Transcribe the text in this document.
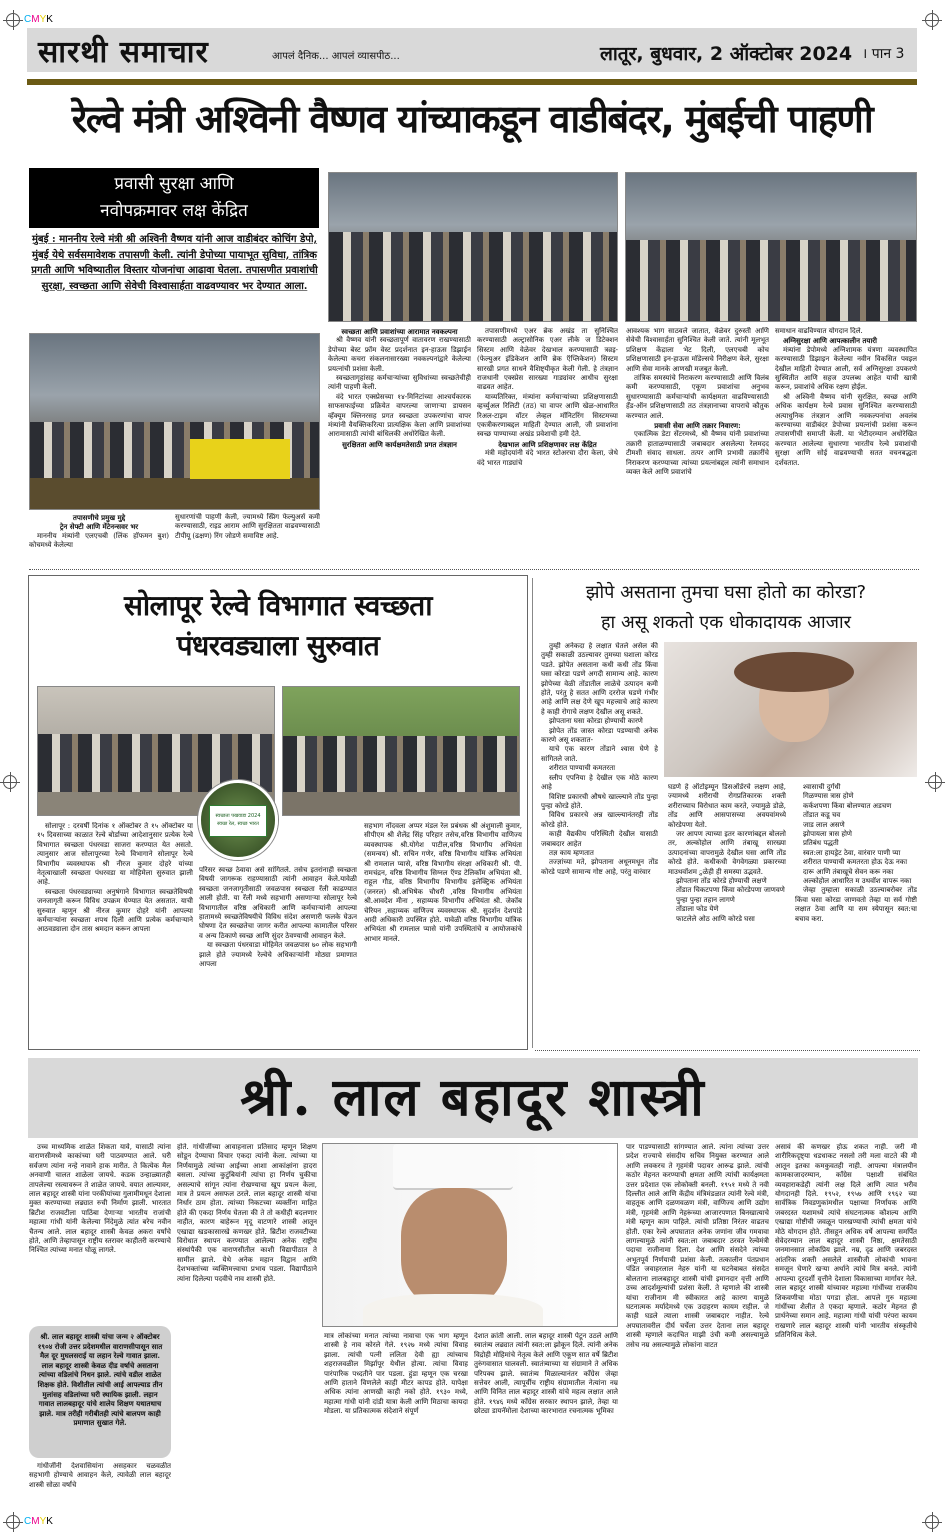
CMYK
CMYK
सारथी समाचार	आपलं दैनिक... आपलं व्यासपीठ...	लातूर, बुधवार, 2 ऑक्टोबर 2024 । पान 3
रेल्वे मंत्री अश्विनी वैष्णव यांच्याकडून वाडीबंदर, मुंबईची पाहणी
प्रवासी सुरक्षा आणि
नवोपक्रमावर लक्ष केंद्रित

मुंबई : माननीय रेल्वे मंत्री श्री अश्विनी वैष्णव यांनी आज वाडीबंदर कोचिंग डेपो, मुंबई येथे सर्वसमावेशक तपासणी केली. त्यांनी डेपोच्या पायाभूत सुविधा, तांत्रिक प्रगती आणि भविष्यातील विस्तार योजनांचा आढावा घेतला. तपासणीत प्रवाशांची सुरक्षा, स्वच्छता आणि सेवेची विश्वासार्हता वाढवण्यावर भर देण्यात आला.

तपासणीचे प्रमुख मुद्दे

ट्रेन सेफ्टी आणि मेंटेनन्सवर भर

माननीय मंत्र्यांनी एलएचबी (लिंक हॉफमन बुश) कोचमध्ये केलेल्या

सुधारणांची पाहणी केली, ज्यामध्ये स्प्रिंग फेल्युअर्स कमी करण्यासाठी, राइड आराम आणि सुरक्षितता वाढवण्यासाठी टीपीयू (ढक्षण) रिंग जोडणे समाविष्ट आहे.

स्वच्छता आणि प्रवाशांच्या आरामात नवकल्पना

श्री वैष्णव यांनी स्वच्छतापूर्ण वातावरण राखण्यासाठी डेपोच्या बेस्ट फ्रॉम वेस्ट प्रदर्शनात इन-हाऊस डिझाईन केलेल्या कचरा संकलनासारख्या नवकल्पनांद्वारे केलेल्या प्रयत्नांची प्रशंसा केली.

स्वच्छतागृहांसह कर्मचाऱ्यांच्या सुविधांच्या स्वच्छतेचीही त्यांनी पाहणी केली.

वंदे भारत एक्स्प्रेसच्या १४-मिनिटांच्या आश्चर्यकारक साफसफाईच्या प्रक्रियेत वापरल्या जाणाऱ्या डायसन व्हॅक्यूम क्लिनरसह प्रगत स्वच्छता उपकरणांचा वापर मंत्र्यांनी वैयक्तिकरित्या प्रात्यक्षिक केला आणि प्रवाशांच्या आरामासाठी त्यांची बांधिलकी अधोरेखित केली.

सुरक्षितता आणि कार्यक्षमतेसाठी प्रगत तंत्रज्ञान

तपासणीमध्ये एअर ब्रेक अखंड ता सुनिश्चित करण्यासाठी अल्ट्रासोनिक एअर लीके ज डिटेक्शन सिस्टम आणि वेळेवर देखभाल करण्यासाठी त्रव्रइ- (फेल्युअर इंडिकेशन आणि ब्रेक ऍप्लिकेशन) सिस्टम सारखी प्रगत साधने वैशिष्ट्यीकृत केली गेली. हे तंत्रज्ञान राजधानी एक्स्प्रेस सारख्या गाड्यांवर आधीच सुरक्षा वाढवत आहेत.

याव्यतिरिक्त, मंत्र्यांना कर्मचाऱ्यांच्या प्रशिक्षणासाठी व्हर्च्युअल रिलिटी (तठ) चा वापर आणि खेळ-आधारित रिअल-टाइम वॉटर लेव्हल मॉनिटरिंग सिस्टमच्या एकत्रीकरणाबद्दल माहिती देण्यात आली, जी प्रवाशांना स्वच्छ पाण्याच्या अखंड प्रवेशाची हमी देते.

देखभाल आणि प्रशिक्षणावर लक्ष केंद्रित

मंत्री महोदयांनी वंदे भारत स्टोअरचा दौरा केला, जेथे वंदे भारत गाड्यांचे

आवश्यक भाग साठवले जातात, वेळेवर दुरुस्ती आणि सेवेची विश्वासार्हता सुनिश्चित केली जाते. त्यांनी मूलभूत प्रशिक्षण केंद्राला भेट दिली, एलएचबी कोच प्रशिक्षणासाठी इन-हाऊस मॉडेल्सचे निरीक्षण केले, सुरक्षा आणि सेवा मानके आणखी मजबूत केली.

तांत्रिक समस्यांचे निराकरण करण्यासाठी आणि विलंब कमी करण्यासाठी, एकूण प्रवाशांचा अनुभव सुधारण्यासाठी कर्मचाऱ्यांची कार्यक्षमता वाढविण्यासाठी हँड-ऑन प्रशिक्षणासाठी तठ तंत्रज्ञानाच्या वापराचे कौतुक करण्यात आले.

प्रवासी सेवा आणि तक्रार निवारण:

एकात्मिक डेटा सेंटरमध्ये, श्री वैष्णव यांनी प्रवाशांच्या तक्रारी हाताळण्यासाठी जबाबदार असलेल्या रेलमदद टीमशी संवाद साधला. तत्पर आणि प्रभावी तक्रारींचे निराकरण करण्याच्या त्यांच्या प्रयत्नांबद्दल त्यांनी समाधान व्यक्त केले आणि प्रवाशांचे

समाधान वाढविण्यात योगदान दिले.

अग्निसुरक्षा आणि आपत्कालीन तयारी

मंत्र्यांना डेपोमध्ये अग्निशामक यंत्रणा व्यवस्थापित करण्यासाठी डिझाइन केलेल्या नवीन विकसित पवइल देखील माहिती देण्यात आली, सर्व अग्निसुरक्षा उपकरणे सुस्थितीत आणि सहज उपलब्ध आहेत याची खात्री करून, प्रवाशांचे अधिक रक्षण होईल.

श्री अश्विनी वैष्णव यांनी सुरक्षित, स्वच्छ आणि अधिक कार्यक्षम रेल्वे प्रवास सुनिश्चित करण्यासाठी अत्याधुनिक तंत्रज्ञान आणि नवकल्पनांचा अवलंब करण्याच्या वाडीबंदर डेपोच्या प्रयत्नांची प्रशंसा करून तपासणीची समाप्ती केली. या भेटीदरम्यान अधोरेखित करण्यात आलेल्या सुधारणा भारतीय रेल्वे प्रवाशांची सुरक्षा आणि सोई वाढवण्याची सतत वचनबद्धता दर्शवतात.

सोलापूर रेल्वे विभागात स्वच्छता
पंधरवड्याला सुरुवात
स्वच्छता पखवाडा 2024
स्वच्छ रेल, स्वच्छ भारत

सोलापूर : दरवर्षी दिनांक १ ऑक्टोबर ते १५ ऑक्टोबर या १५ दिवसाच्या काळात रेल्वे बोर्डाच्या आदेशानुसार प्रत्येक रेल्वे विभागात स्वच्छता पंधरवडा साजरा करण्यात येत असतो. त्यानुसार आज सोलापूरच्या रेल्वे विभागाने सोलापूर रेल्वे विभागीय व्यवस्थापक श्री नीरज कुमार दोहरे यांच्या नेतृत्वाखाली स्वच्छता पंधरवडा या मोहिमेला सुरुवात झाली आहे.

स्वच्छता पंधरवड्याच्या अनुषंगाने विभागात स्वच्छतेविषयी जनजागृती करून विविध उपक्रम घेण्यात येत असतात. याची सुरुवात म्हणून श्री नीरज कुमार दोहरे यांनी आपल्या कर्मचाऱ्यांना स्वच्छता शपथ दिली आणि प्रत्येक कर्मचाऱ्याने आठवड्याला दोन तास श्रमदान करून आपला

परिसर स्वच्छ ठेवावा असे सांगितले. तसेच इतरांनाही स्वच्छता विषयी जागरूक राहण्यासाठी त्यांनी आवाहन केले.यावेळी स्वच्छता जनजागृतीसाठी जवळपास स्वच्छता रॅली काढण्यात आली होती. या रॅली मध्ये सहभागी असणाऱ्या सोलापूर रेल्वे विभागातील वरिष्ठ अधिकारी आणि कर्मचाऱ्यांनी आपल्या हातामध्ये स्वच्छतेविषयीचे विविध संदेश असणारी फलके घेऊन घोषणा देत स्वच्छतेचा जागर करीत आपल्या कामातील परिसर व अन्य ठिकाणे स्वच्छ आणि सुंदर ठेवण्याची आवाहन केले.

या स्वच्छता पंधरवाडा मोहिमेत जवळपास ७० लोक सहभागी झाले होते ज्यामध्ये रेल्वेचे अधिकाऱ्यांनी मोठ्या प्रमाणात आपला

सहभाग नोंदवला अप्पर मंडल रेल प्रबंधक श्री अंशुमाली कुमार, सीपीएम श्री शैलेंद्र सिंह परिहार तसेच,वरिष्ठ विभागीय वाणिज्य व्यवस्थापक श्री.योगेश पाटील,वरिष्ठ विभागीय अभियंता (समन्वय) श्री. सचिन गणेर, वरिष्ठ विभागीय यांत्रिक अभियंता श्री रामलाल प्यासे, वरिष्ठ विभागीय संरक्षा अधिकारी श्री. पी. रामचंद्रन, वरिष्ठ विभागीय सिग्नल ऍण्ड टेलिकॉम अभियंता श्री. राहूल गौड, वरिष्ठ विभागीय विभागीय इलेक्ट्रिक अभियंता (जनरल) श्री.अभिषेक चौधरी ,वरिष्ठ विभागीय अभियंता श्री.आवदेश मीना , सहाय्यक विभागीय अभियंता श्री. जेकॉब चेरियन ,सहाय्यक वाणिज्य व्यवस्थापक श्री. सुदर्शन देशपांडे आदी अधिकारी उपस्थित होते. यावेळी वरिष्ठ विभागीय यांत्रिक अभियंता श्री रामलाल प्यासे यांनी उपस्थितांचे व आयोजकांचे आभार मानले.

झोपे असताना तुमचा घसा होतो का कोरडा?
हा असू शकतो एक धोकादायक आजार

तुम्ही अनेकदा हे लक्षात घेतले असेल की तुम्ही सकाळी उठल्यावर तुमच्या घशाला कोरड पडते. झोपेत असताना कधी कधी तोंड किंवा घसा कोरडा पडणे अगदी सामान्य आहे. कारण झोपेच्या वेळी तोंडातील लाळेचे उत्पादन कमी होते, परंतु हे सतत आणि दररोज घडणे गंभीर आहे आणि लक्ष देणे खूप महत्त्वाचे आहे कारण हे काही रोगाचे लक्षण देखील असू शकते.

झोपताना घसा कोरडा होण्याची कारणे

झोपेत तोंड जास्त कोरडा पडण्याची अनेक कारणे असू शकतात-

याचे एक कारण तोंडाने श्वास घेणे हे सांगितले जाते.

शरीरात पाण्याची कमतरता

स्लीप एपनिया हे देखील एक मोठे कारण आहे

विशिष्ट प्रकारची औषधे खाल्ल्याने तोंड पुन्हा पुन्हा कोरडे होते.

विविध प्रकारचे अन्न खाल्ल्यानंतरही तोंड कोरडे होते.

काही वैद्यकीय परिस्थिती देखील यासाठी जबाबदार आहेत

तज्ञ काय म्हणतात

तज्ज्ञांच्या मते, झोपताना अधूनमधून तोंड कोरडे पडणे सामान्य गोष्ट आहे, परंतु वारंवार

घडणे हे ऑटोइम्यून डिसऑर्डरचे लक्षण आहे, ज्यामध्ये शरीराची रोगप्रतिकारक शक्ती शरीराच्याच विरोधात काम करते, ज्यामुळे डोळे, तोंड आणि आसपासच्या अवयवांमध्ये कोरडेपणा येतो.

जर आपण त्याच्या इतर कारणांबद्दल बोललो तर, अल्कोहोल आणि तंबाखू सारख्या उत्पादनांच्या वापरामुळे देखील घसा आणि तोंड कोरडे होते. कधीकधी वेगवेगळ्या प्रकारच्या माउथवॉशम ुळेही ही समस्या उद्भवते.

झोपताना तोंड कोरडे होण्याची लक्षणे

तोंडात चिकटपणा किंवा कोरडेपणा जाणवणे

पुन्हा पुन्हा तहान लागणे

तोंडाला फोड येणे

फाटलेले ओठ आणि कोरडे घसा

श्वासाची दुर्गंधी

गिळण्यास त्रास होणे

कर्कशपणा किंवा बोलण्यात अडचण

तोंडात कडू चव

जाड लाल असणे

झोपायला त्रास होणे

प्रतिबंध पद्धती

स्वत:ला हायड्रेट ठेवा, वारंवार पाणी प्या

शरीरात पाण्याची कमतरता होऊ देऊ नका

दारू आणि तंबाखूचे सेवन करू नका

अल्कोहोल आधारित म उथवॉश वापरू नका

जेव्हा तुम्हाला सकाळी उठल्याबरोबर तोंड किंवा घसा कोरडा जाणवतो तेव्हा या सर्व गोष्टी लक्षात ठेवा आणि या सम स्येपासून स्वत:चा बचाव करा.

श्री. लाल बहादूर शास्त्री

उच्च माध्यमिक शाळेत शिकता यावे, यासाठी त्यांना वाराणसीमध्ये काकांच्या घरी पाठवण्यात आले. घरी सर्वजण त्यांना नन्हे नावाने हाक मारीत. ते कित्येक मैल अनवाणी चालत शाळेला जायचे. कडक उन्हाळ्यातही तापलेल्या रस्त्यावरून ते शाळेत जायचे. वयात आल्यावर, लाल बहादूर शास्त्री यांना परकीयांच्या गुलामीमधून देशाला मुक्त करण्याच्या लढ्यात रुची निर्माण झाली. भारतात ब्रिटीश राजवटीला पाठिंबा देणाऱ्या भारतीय राजांची महात्मा गांधी यांनी केलेल्या निंदेमुळे त्यांत बरेच नवीन चैतन्य आले. लाल बहादूर शास्त्री केवळ अकरा वर्षांचे होते, आणि तेव्हापासून राष्ट्रीय स्तरावर काहीतरी करण्याचे निश्चित त्यांच्या मनात घोळू लागले.

श्री. लाल बहादूर शास्त्री यांचा जन्म २ ऑक्टोबर १९०४ रोजी उत्तर प्रदेशमधील वाराणसीपासून सात मैल दूर मुघलसराई या लहान रेल्वे गावात झाला. लाल बहादूर शास्त्री केवळ दीड वर्षाचे असताना त्यांच्या वडिलांचे निधन झाले. त्यांचे वडील शाळेत शिक्षक होते. विशीतील त्यांची आई आपल्याड तीन मुलांसह वडिलांच्या घरी स्थायिक झाली. लहान गावात लालबहादूर यांचे शालेय शिक्षण यथातथाच झाले. मात्र तरीही गरीबीतही त्यांचे बालपण काही प्रमाणात सुखात गेले.

गांधीजींनी देशवासियांना असहकार चळवळीत सहभागी होण्याचे आवाहन केले, त्यावेळी लाल बहादूर शास्त्री सोळा वर्षांचे

होते. गांधीजींच्या आवाहनाला प्रतिसाद म्हणून शिक्षण सोडून देण्याचा विचार एकदा त्यांनी केला. त्यांच्या या निर्णयामुळे त्यांच्या आईच्या आशा आकांक्षांना हादरा बसला. त्यांच्या कुटुंबियांनी त्यांचा हा निर्णय चुकीचा असल्याचे सांगून त्यांना रोखण्याचा खूप प्रयत्न केला, मात्र ते प्रयत्न असफल ठरले. लाल बहादूर शास्त्री यांचा निर्धार ठाम होता. त्यांच्या निकटच्या व्यक्तींना माहित होते की एकदा निर्णय घेतला की ते तो कधीही बदलणार नाहीत, कारण बाहेरून मृदू वाटणारे शास्त्री आतून एखाद्या खडकासारखे कणखर होते. ब्रिटीश राजवटीच्या विरोधात स्थापन करण्यात आलेल्या अनेक राष्ट्रीय संस्थांपैकी एक वाराणसीतील काशी विद्यापीठात ते सामील झाले. येथे अनेक महान विद्वान आणि देशभक्तांच्या व्यक्तिमत्त्वाचा प्रभाव पडला. विद्यापीठाने त्यांना दिलेल्या पदवीचे नाव शास्त्री होते.

मात्र लोकांच्या मनात त्यांच्या नावाचा एक भाग म्हणून शास्त्री हे नाव कोरले गेले. १९२७ मध्ये त्यांचा विवाह झाला. त्यांची पत्नी ललिता देवी ह्या त्यांच्याच शहराजवळील मिर्झापूर येथील होत्या. त्यांचा विवाह पारंपारिक पध्दतीने पार पडला. हुंडा म्हणून एक चरखा आणि हाताने विणलेले काही मीटर कापड होते. यापेक्षा अधिक त्यांना आणखी काही नको होते. १९३० मध्ये, महात्मा गांधी यांनी दांडी यात्रा केली आणि मिठाचा कायदा मोडला. या प्रतिकात्मक संदेशाने संपूर्ण

देशात क्रांती आली. लाल बहादूर शास्त्री पेटून उठले आणि स्वातंत्र्य लढ्यात त्यांनी स्वत:ला झोकून दिले. त्यांनी अनेक विद्रोही मोहिमांचे नेतृत्व केले आणि एकूण सात वर्षे ब्रिटीश तुरुंगवासात घालवली. स्वातंत्र्याच्या या संग्रामाने ते अधिक परिपक्व झाले. स्वातंत्र्य मिळाल्यानंतर काँग्रेस जेव्हा सत्तेवर आली, त्यापूर्वीच राष्ट्रीय संग्रामातील नेत्यांना नम्र आणि विनित लाल बहादूर शास्त्री यांचे महत्व लक्षात आले होते. १९४६ मध्ये काँग्रेस सरकार स्थापन झाले, तेव्हा या छोट्या डायनॅमोला देशाच्या कारभारात रचनात्मक भूमिका

पार पाडण्यासाठी सांगण्यात आले. त्यांना त्यांच्या उत्तर प्रदेश राज्याचे संसदीय सचिव नियुक्त करण्यात आले आणि लवकरच ते गृहमंत्री पदावर आरूढ झाले. त्यांची कठोर मेहनत करण्याची क्षमता आणि त्यांची कार्यक्षमता उत्तर प्रदेशात एक लोकोक्ती बनली. १९५१ मध्ये ते नवी दिल्लीत आले आणि केंद्रीय मंत्रिमंडळात त्यांनी रेल्वे मंत्री, वाहतूक आणि दळणवळण मंत्री, वाणिज्य आणि उद्योग मंत्री, गृहमंत्री आणि नेहरूंच्या आजारपणात बिनखात्याचे मंत्री म्हणून काम पाहिले. त्यांची प्रतिष्ठा निरंतर वाढतच होती. एका रेल्वे अपघातात अनेक जणांना जीव गमवावा लागल्यामुळे त्यांनी स्वत:ला जबाबदार ठरवत रेल्वेमंत्री पदाचा राजीनामा दिला. देश आणि संसदेने त्यांच्या अभूतपूर्व निर्णयाची प्रशंसा केली. तत्कालीन पंतप्रधान पंडित जवाहरलाल नेहरु यांनी या घटनेबाबत संसदेत बोलताना लालबहादूर शास्त्री यांची इमानदार वृत्ती आणि उच्च आदर्शमूल्यांची प्रशंसा केली. ते म्हणाले की शास्त्री यांचा राजीनाम मी स्वीकारत आहे कारण यामुळे घटनात्मक मर्यादेमध्ये एक उदाहरण कायम राहील. जे काही घडले त्याला शास्त्री जबाबदार नाहीत. रेल्वे अपघातावरील दीर्घ चर्चेला उत्तर देताना लाल बहादूर शास्त्री म्हणाले कदाचित माझी उंची कमी असल्यामुळे तसेच नम्र असल्यामुळे लोकांना वाटत

असावं की कणखर होऊ शकत नाही. जरी मी शारीरिकदृष्ट्या धडधाकट नसलो तरी मला वाटते की मी आतून इतका कमकुवतही नाही. आपल्या मंत्रालयीन कामकाजादरम्यान, काँग्रेस पक्षाशी संबंधित व्यवहाराकडेही त्यांनी लक्ष दिले आणि त्यात भरीव योगदानही दिले. १९५२, १९५७ आणि १९६२ च्या सार्वत्रिक निवडणुकांमधील पक्षाच्या निर्णायक आणि जबरदस्त यशामध्ये त्यांचे संघटनात्मक कौशल्य आणि एखाद्या गोष्टीची जवळून पारखण्याची त्यांची क्षमता यांचे मोठे योगदान होते. तीसहून अधिक वर्षे आपल्या समर्पित सेवेदरम्यान लाल बहादूर शास्त्री निष्ठा, क्षमतेसाठी जनमानसात लोकप्रिय झाले. नम्र, दृढ आणि जबरदस्त आंतरिक शक्ती असलेले शास्त्रीजी लोकांची भावना समजून घेणारे खऱ्या अर्थाने त्यांचे मित्र बनले. त्यांनी आपल्या दूरदर्शी वृत्तीने देशाला विकासाच्या मार्गावर नेले. लाल बहादूर शास्त्री यांच्यावर महात्मा गांधींच्या राजकीय शिकवणीचा मोठा पगडा होता. आपले गुरु महात्मा गांधींच्या शैलीत ते एकदा म्हणाले. कठोर मेहनत ही प्रार्थनेच्या समान आहे. महात्मा गांधी यांची परंपरा कायम राखणारे लाल बहादूर शास्त्री यांनी भारतीय संस्कृतीचे प्रतिनिधित्व केले.
